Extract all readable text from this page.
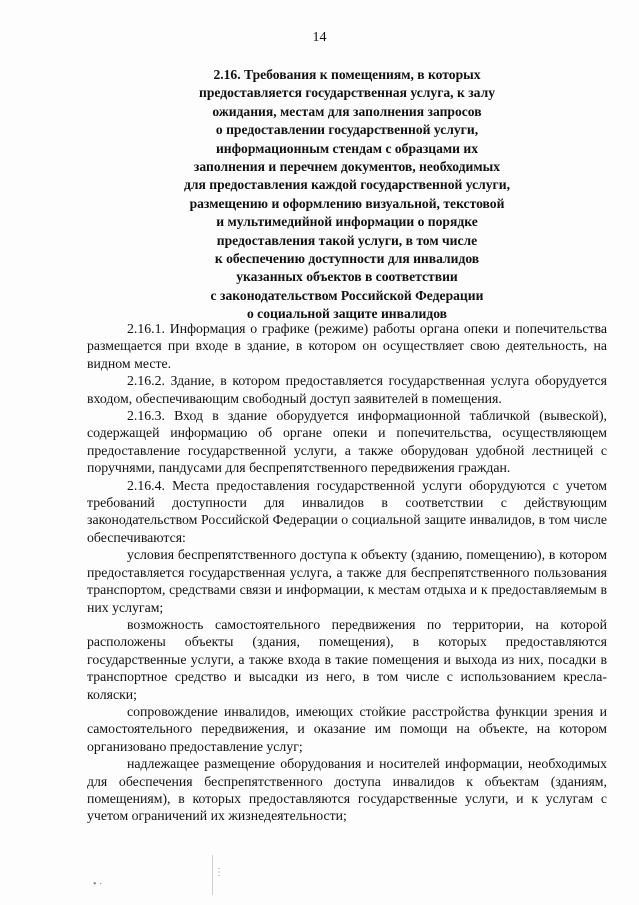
14
2.16. Требования к помещениям, в которых
предоставляется государственная услуга, к залу
ожидания, местам для заполнения запросов
о предоставлении государственной услуги,
информационным стендам с образцами их
заполнения и перечнем документов, необходимых
для предоставления каждой государственной услуги,
размещению и оформлению визуальной, текстовой
и мультимедийной информации о порядке
предоставления такой услуги, в том числе
к обеспечению доступности для инвалидов
указанных объектов в соответствии
с законодательством Российской Федерации
о социальной защите инвалидов

2.16.1. Информация о графике (режиме) работы органа опеки и попечительства размещается при входе в здание, в котором он осуществляет свою деятельность, на видном месте.

2.16.2. Здание, в котором предоставляется государственная услуга оборудуется входом, обеспечивающим свободный доступ заявителей в помещения.

2.16.3. Вход в здание оборудуется информационной табличкой (вывеской), содержащей информацию об органе опеки и попечительства, осуществляющем предоставление государственной услуги, а также оборудован удобной лестницей с поручнями, пандусами для беспрепятственного передвижения граждан.

2.16.4. Места предоставления государственной услуги оборудуются с учетом требований доступности для инвалидов в соответствии с действующим законодательством Российской Федерации о социальной защите инвалидов, в том числе обеспечиваются:

условия беспрепятственного доступа к объекту (зданию, помещению), в котором предоставляется государственная услуга, а также для беспрепятственного пользования транспортом, средствами связи и информации, к местам отдыха и к предоставляемым в них услугам;

возможность самостоятельного передвижения по территории, на которой расположены объекты (здания, помещения), в которых предоставляются государственные услуги, а также входа в такие помещения и выхода из них, посадки в транспортное средство и высадки из него, в том числе с использованием кресла-коляски;

сопровождение инвалидов, имеющих стойкие расстройства функции зрения и самостоятельного передвижения, и оказание им помощи на объекте, на котором организовано предоставление услуг;

надлежащее размещение оборудования и носителей информации, необходимых для обеспечения беспрепятственного доступа инвалидов к объектам (зданиям, помещениям), в которых предоставляются государственные услуги, и к услугам с учетом ограничений их жизнедеятельности;

• ⋅
⋮
